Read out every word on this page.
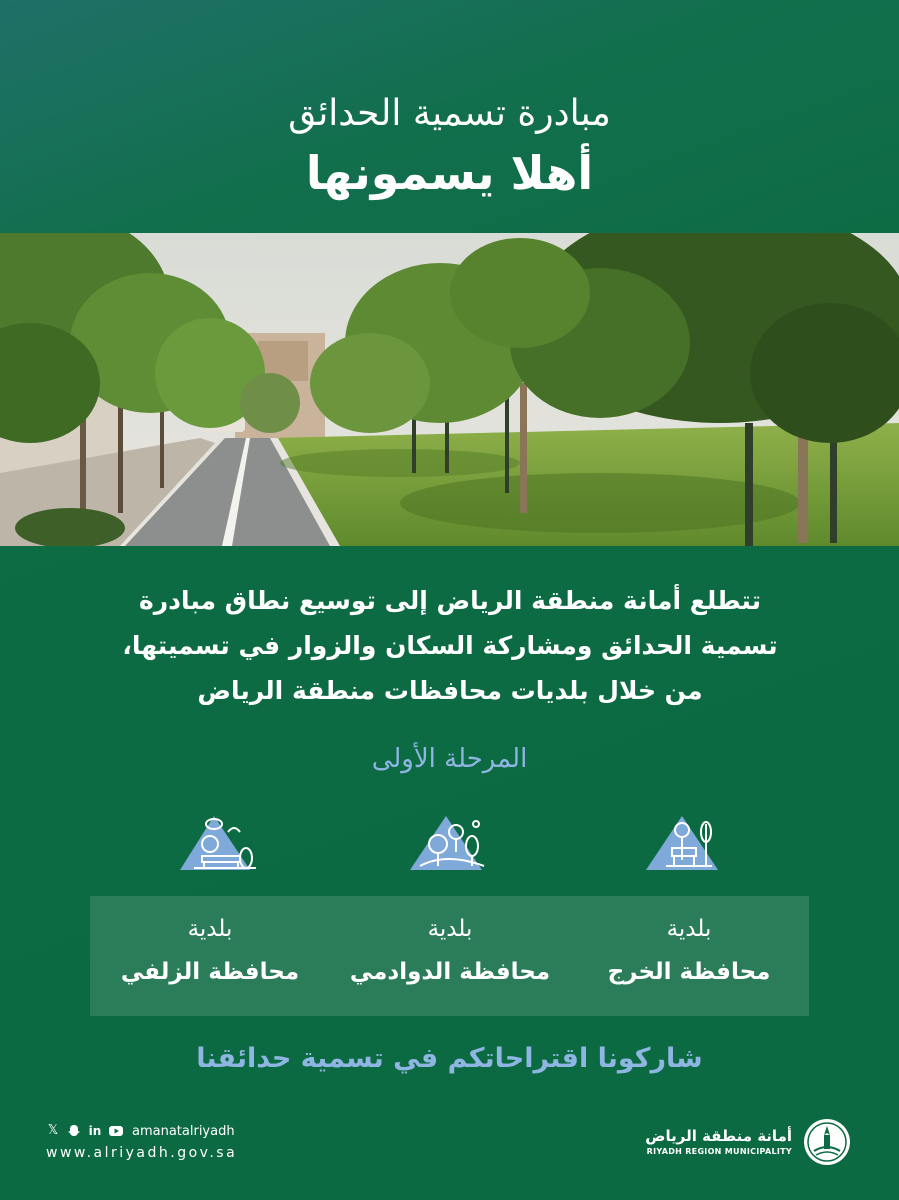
مبادرة تسمية الحدائق
أهلا يسمونها
تتطلع أمانة منطقة الرياض إلى توسيع نطاق مبادرة
تسمية الحدائق ومشاركة السكان والزوار في تسميتها،
من خلال بلديات محافظات منطقة الرياض
المرحلة الأولى
بلدية
محافظة الخرج
بلدية
محافظة الدوادمي
بلدية
محافظة الزلفي
شاركونا اقتراحاتكم في تسمية حدائقنا
𝕏	in amanatalriyadh
www.alriyadh.gov.sa
أمانة منطقة الرياض
RIYADH REGION MUNICIPALITY
